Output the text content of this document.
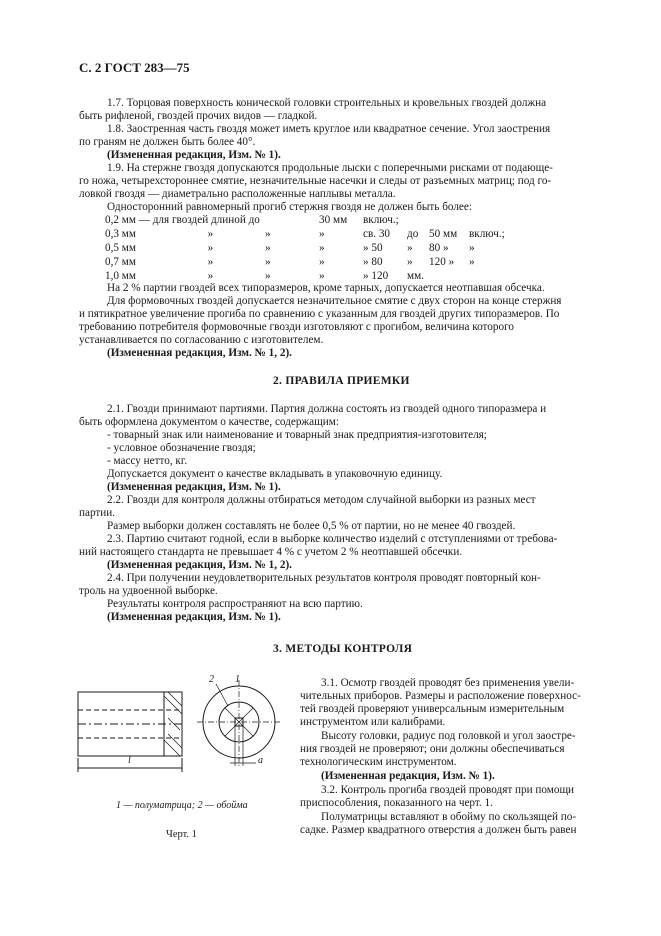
С. 2 ГОСТ 283—75
1.7. Торцовая поверхность конической головки строительных и кровельных гвоздей должна
быть рифленой, гвоздей прочих видов — гладкой.
1.8. Заостренная часть гвоздя может иметь круглое или квадратное сечение. Угол заострения
по граням не должен быть более 40°.
(Измененная редакция, Изм. № 1).
1.9. На стержне гвоздя допускаются продольные лыски с поперечными рисками от подающе-
го ножа, четырехстороннее смятие, незначительные насечки и следы от разъемных матриц; под го-
ловкой гвоздя — диаметрально расположенные наплывы металла.
Односторонний равномерный прогиб стержня гвоздя не должен быть более:
0,2 мм — для гвоздей длиной до			30 мм	включ.;			
0,3 мм	»	»	»	св. 30	до	50 мм	включ.;
0,5 мм	»	»	»	» 50	»	80 »	»
0,7 мм	»	»	»	» 80	»	120 »	»
1,0 мм	»	»	»	» 120	мм.		
На 2 % партии гвоздей всех типоразмеров, кроме тарных, допускается неотпавшая обсечка.
Для формовочных гвоздей допускается незначительное смятие с двух сторон на конце стержня
и пятикратное увеличение прогиба по сравнению с указанным для гвоздей других типоразмеров. По
требованию потребителя формовочные гвозди изготовляют с прогибом, величина которого
устанавливается по согласованию с изготовителем.
(Измененная редакция, Изм. № 1, 2).
2. ПРАВИЛА ПРИЕМКИ
2.1. Гвозди принимают партиями. Партия должна состоять из гвоздей одного типоразмера и
быть оформлена документом о качестве, содержащим:
- товарный знак или наименование и товарный знак предприятия-изготовителя;
- условное обозначение гвоздя;
- массу нетто, кг.
Допускается документ о качестве вкладывать в упаковочную единицу.
(Измененная редакция, Изм. № 1).
2.2. Гвозди для контроля должны отбираться методом случайной выборки из разных мест
партии.
Размер выборки должен составлять не более 0,5 % от партии, но не менее 40 гвоздей.
2.3. Партию считают годной, если в выборке количество изделий с отступлениями от требова-
ний настоящего стандарта не превышает 4 % с учетом 2 % неотпавшей обсечки.
(Измененная редакция, Изм. № 1, 2).
2.4. При получении неудовлетворительных результатов контроля проводят повторный кон-
троль на удвоенной выборке.
Результаты контроля распространяют на всю партию.
(Измененная редакция, Изм. № 1).
3. МЕТОДЫ КОНТРОЛЯ
2 1
l	a
1 — полуматрица; 2 — обойма
Черт. 1
3.1. Осмотр гвоздей проводят без применения увели-
чительных приборов. Размеры и расположение поверхнос-
тей гвоздей проверяют универсальным измерительным
инструментом или калибрами.
Высоту головки, радиус под головкой и угол заостре-
ния гвоздей не проверяют; они должны обеспечиваться
технологическим инструментом.
(Измененная редакция, Изм. № 1).
3.2. Контроль прогиба гвоздей проводят при помощи
приспособления, показанного на черт. 1.
Полуматрицы вставляют в обойму по скользящей по-
садке. Размер квадратного отверстия а должен быть равен
